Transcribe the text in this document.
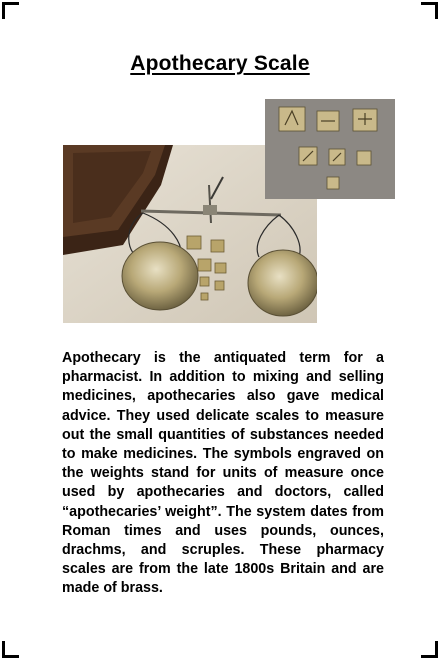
Apothecary Scale
Apothecary is the antiquated term for a pharmacist. In addition to mixing and selling medicines, apothecaries also gave medical advice. They used delicate scales to measure out the small quantities of substances needed to make medicines. The symbols engraved on the weights stand for units of measure once used by apothecaries and doctors, called “apothecaries’ weight”. The system dates from Roman times and uses pounds, ounces, drachms, and scruples. These pharmacy scales are from the late 1800s Britain and are made of brass.
